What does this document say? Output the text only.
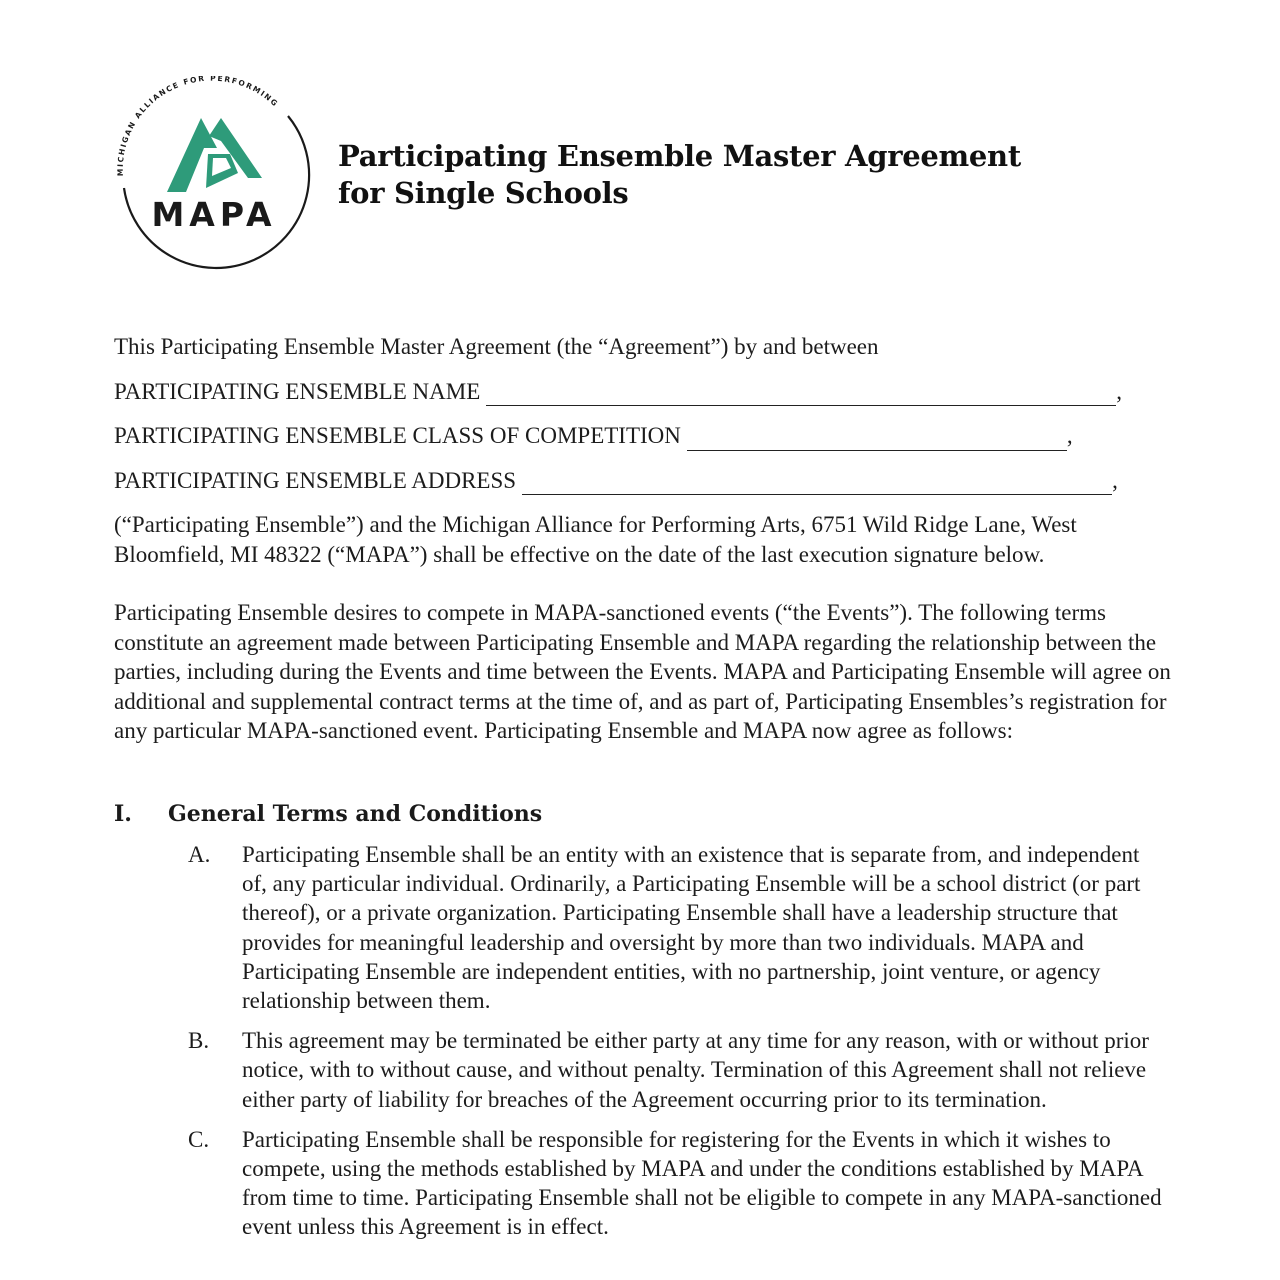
MICHIGAN ALLIANCE FOR PERFORMING
MAPA
Participating Ensemble Master Agreement
for Single Schools
This Participating Ensemble Master Agreement (the “Agreement”) by and between
PARTICIPATING ENSEMBLE NAME	,
PARTICIPATING ENSEMBLE CLASS OF COMPETITION	,
PARTICIPATING ENSEMBLE ADDRESS	,
(“Participating Ensemble”) and the Michigan Alliance for Performing Arts, 6751 Wild Ridge Lane, West Bloomfield, MI 48322 (“MAPA”) shall be effective on the date of the last execution signature below.
Participating Ensemble desires to compete in MAPA-sanctioned events (“the Events”). The following terms constitute an agreement made between Participating Ensemble and MAPA regarding the relationship between the parties, including during the Events and time between the Events. MAPA and Participating Ensemble will agree on additional and supplemental contract terms at the time of, and as part of, Participating Ensembles’s registration for any particular MAPA-sanctioned event. Participating Ensemble and MAPA now agree as follows:
I. General Terms and Conditions
A.	Participating Ensemble shall be an entity with an existence that is separate from, and independent of, any particular individual. Ordinarily, a Participating Ensemble will be a school district (or part thereof), or a private organization. Participating Ensemble shall have a leadership structure that provides for meaningful leadership and oversight by more than two individuals. MAPA and Participating Ensemble are independent entities, with no partnership, joint venture, or agency relationship between them.
B.	This agreement may be terminated be either party at any time for any reason, with or without prior notice, with to without cause, and without penalty. Termination of this Agreement shall not relieve either party of liability for breaches of the Agreement occurring prior to its termination.
C.	Participating Ensemble shall be responsible for registering for the Events in which it wishes to compete, using the methods established by MAPA and under the conditions established by MAPA from time to time. Participating Ensemble shall not be eligible to compete in any MAPA-sanctioned event unless this Agreement is in effect.
